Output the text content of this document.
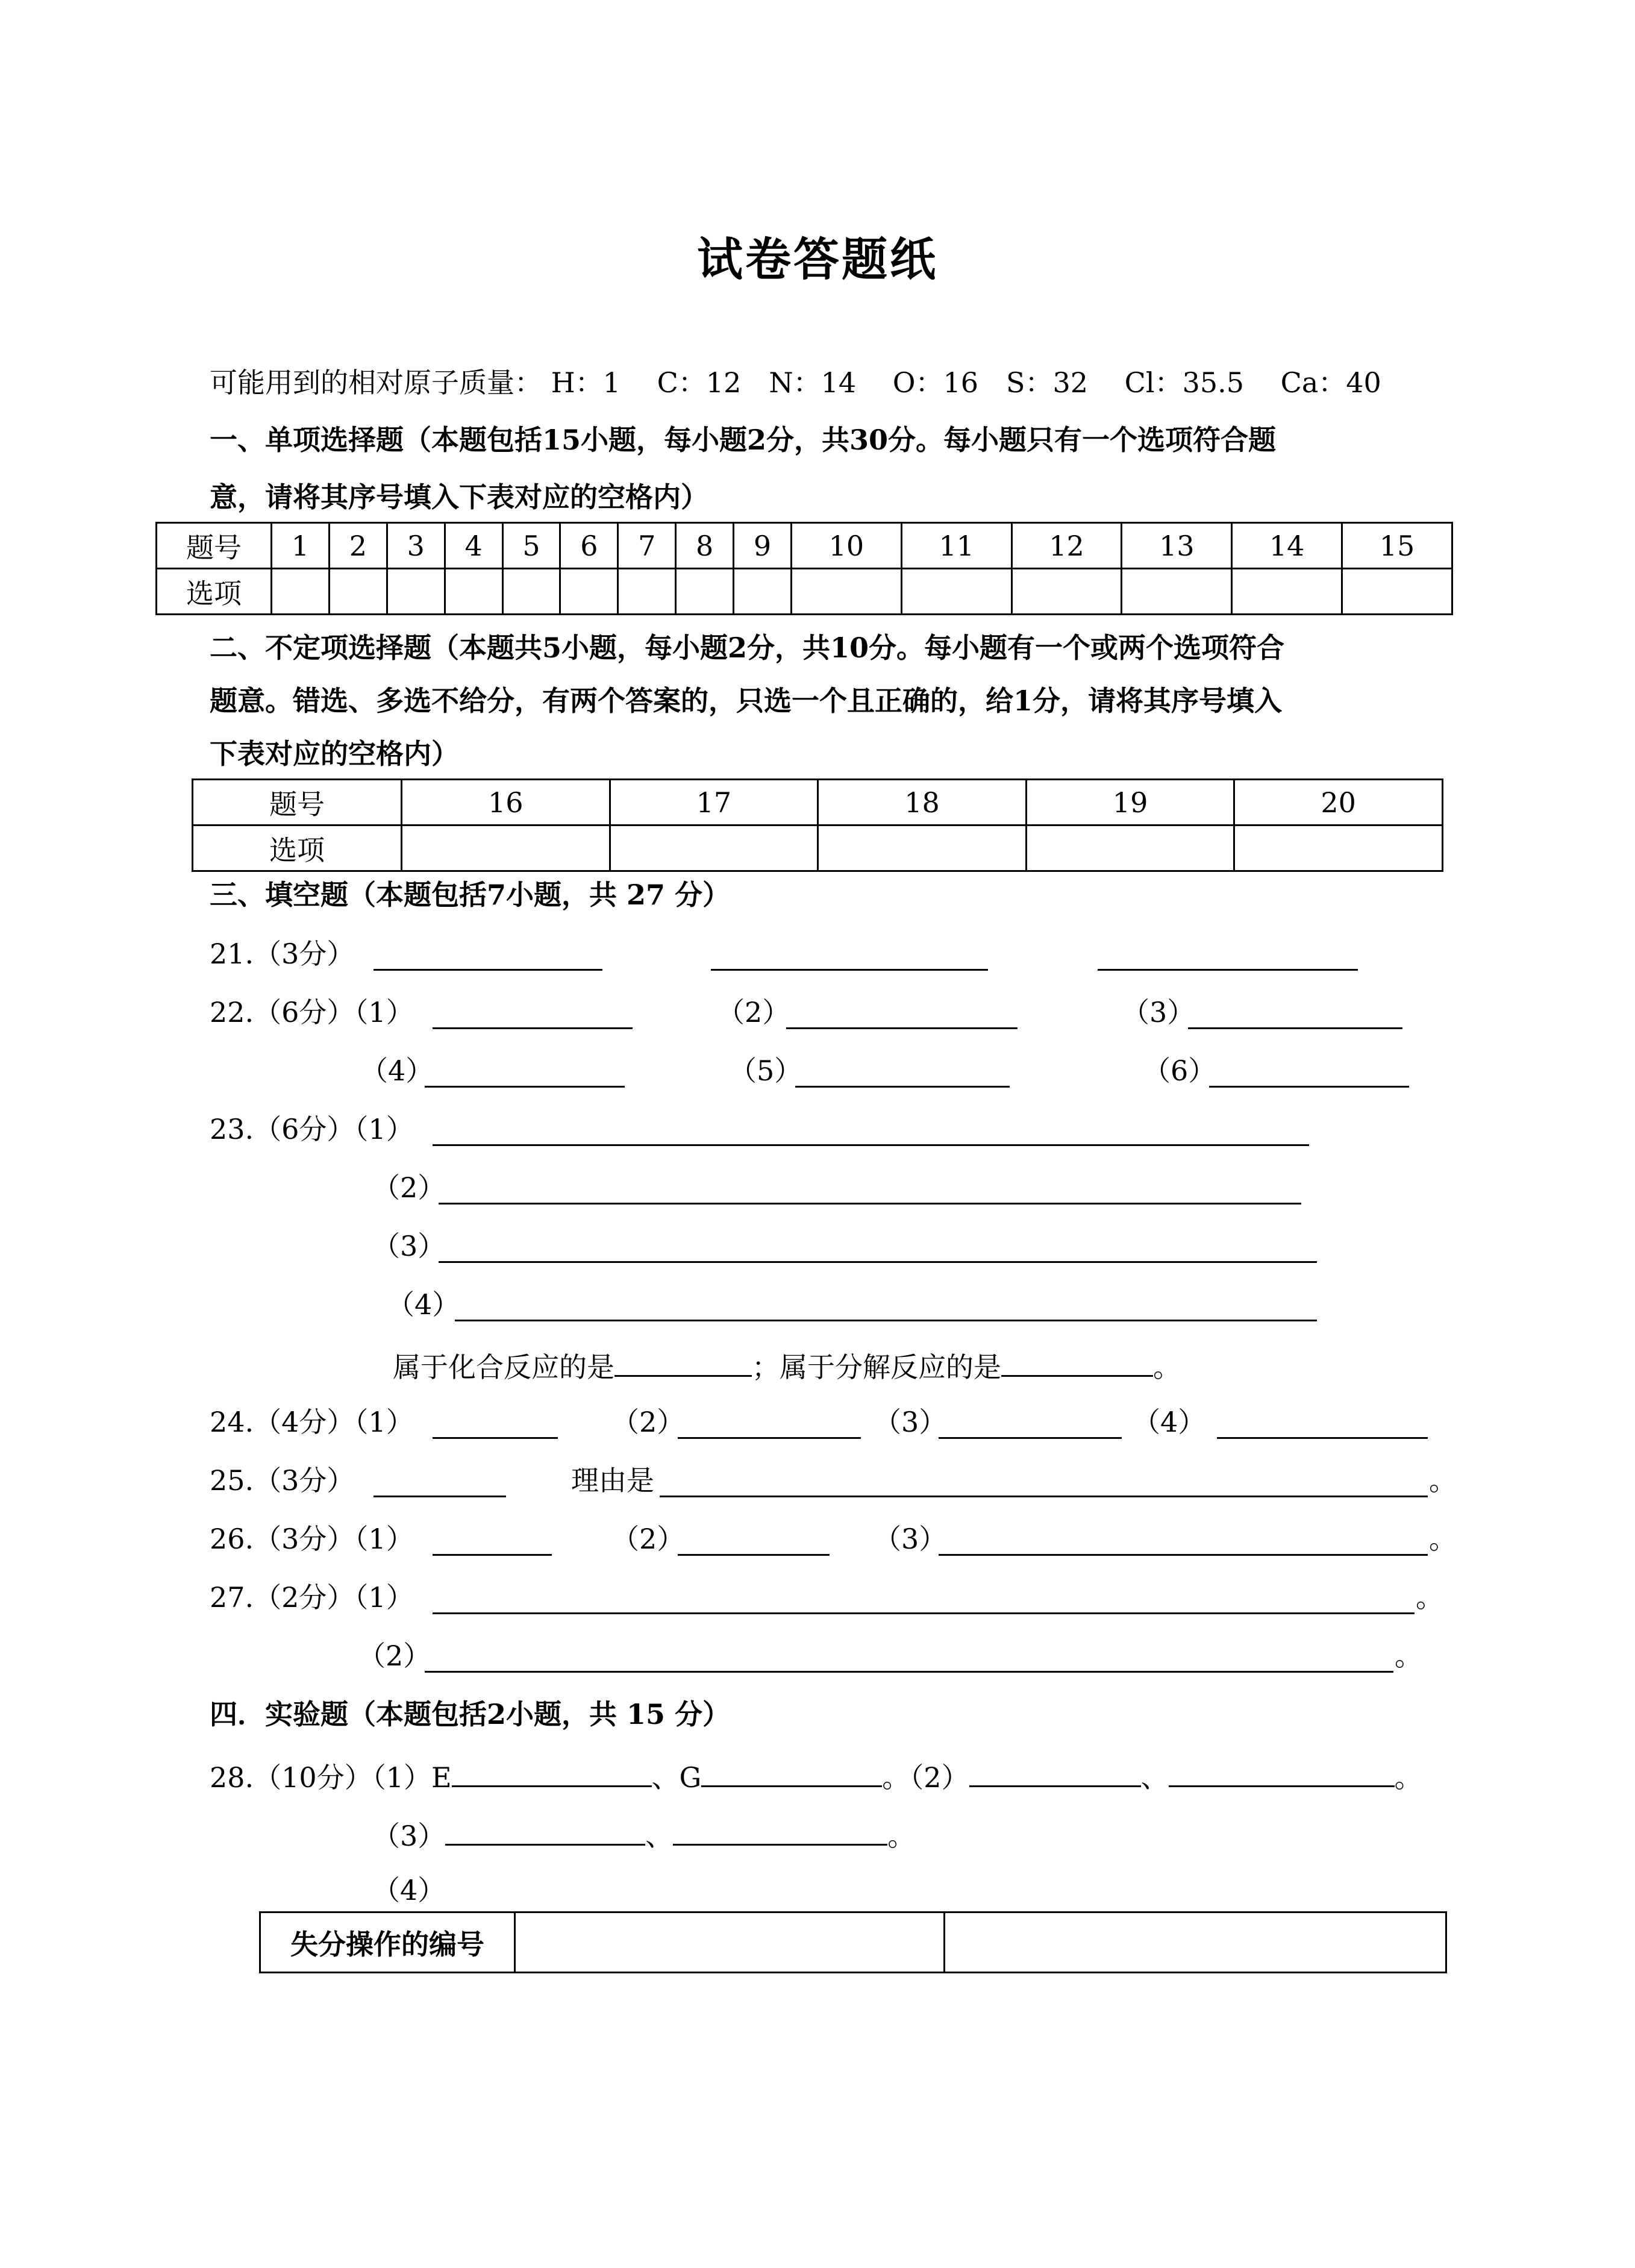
试卷答题纸
可能用到的相对原子质量： H：1　 C：12　N：14　 O：16　S：32　 Cl：35.5　 Ca：40
一、单项选择题（本题包括15小题，每小题2分，共30分。每小题只有一个选项符合题
意，请将其序号填入下表对应的空格内）
题号	1	2	3	4	5	6	7	8	9	10	11	12	13	14	15
选项															
二、不定项选择题（本题共5小题，每小题2分，共10分。每小题有一个或两个选项符合
题意。错选、多选不给分，有两个答案的，只选一个且正确的，给1分，请将其序号填入
下表对应的空格内）
题号	16	17	18	19	20
选项					
三、填空题（本题包括7小题，共 27 分）
21.（3分）
22.（6分）（1）	（2）	（3）
（4）	（5）	（6）
23.（6分）（1）
（2）
（3）
（4）
属于化合反应的是	；属于分解反应的是	。
24.（4分）（1）	（2）	（3）	（4）
25.（3分）	理由是	。
26.（3分）（1）	（2）	（3）	。
27.（2分）（1）	。
（2）	。
四．实验题（本题包括2小题，共 15 分）
28.（10分）（1）E	、G	。（2）	、	。
（3）	、	。
（4）
失分操作的编号		
